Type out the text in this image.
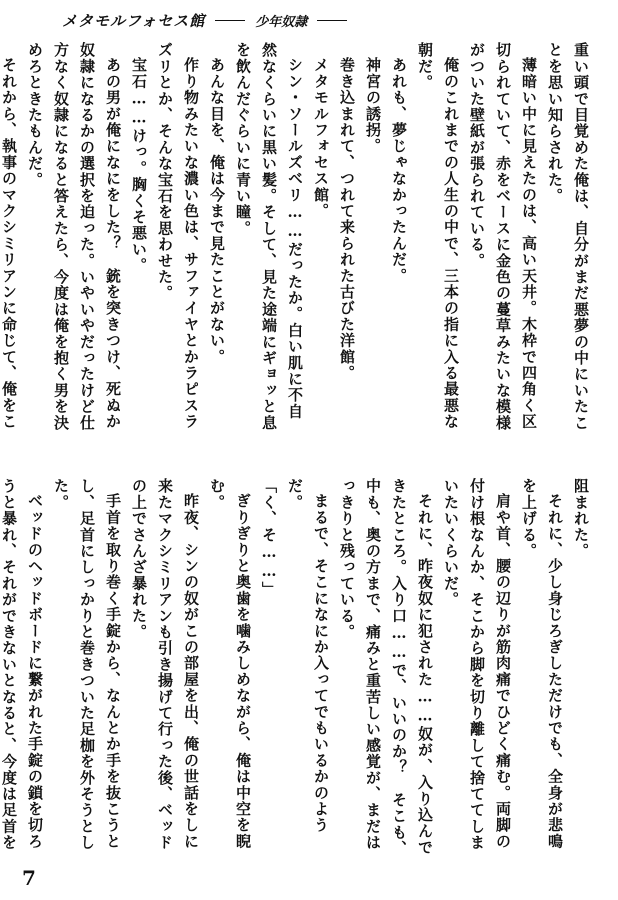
メタモルフォセス館	少年奴隷

重い頭で目覚めた俺は、自分がまだ悪夢の中にいたことを思い知らされた。

薄暗い中に見えたのは、高い天井。木枠で四角く区切られていて、赤をベースに金色の蔓草みたいな模様がついた壁紙が張られている。

俺のこれまでの人生の中で、三本の指に入る最悪な朝だ。

あれも、夢じゃなかったんだ。

神宮の誘拐。

巻き込まれて、つれて来られた古びた洋館。

メタモルフォセス館。

シン・ソールズベリ……だったか。白い肌に不自然なくらいに黒い髪。そして、見た途端にギョッと息を飲んだぐらいに青い瞳。

あんな目を、俺は今まで見たことがない。

作り物みたいな濃い色は、サファイヤとかラピスラズリとか、そんな宝石を思わせた。

宝石……けっ。胸くそ悪い。

あの男が俺になにをした？　銃を突きつけ、死ぬか奴隷になるかの選択を迫った。いやいやだったけど仕方なく奴隷になると答えたら、今度は俺を抱く男を決めろときたもんだ。

それから、執事のマクシミリアンに命じて、俺をこ

阻まれた。

それに、少し身じろぎしただけでも、全身が悲鳴を上げる。

肩や首、腰の辺りが筋肉痛でひどく痛む。両脚の付け根なんか、そこから脚を切り離して捨ててしまいたいくらいだ。

それに、昨夜奴に犯された……奴が、入り込んできたところ。入り口……で、いいのか？　そこも、中も、奥の方まで、痛みと重苦しい感覚が、まだはっきりと残っている。

まるで、そこになにか入ってでもいるかのようだ。

「く、そ……」

ぎりぎりと奥歯を噛みしめながら、俺は中空を睨む。

昨夜、シンの奴がこの部屋を出、俺の世話をしに来たマクシミリアンも引き揚げて行った後、ベッドの上でさんざ暴れた。

手首を取り巻く手錠から、なんとか手を抜こうとし、足首にしっかりと巻きついた足枷を外そうとした。

ベッドのヘッドボードに繋がれた手錠の鎖を切ろうと暴れ、それができないとなると、今度は足首を

7
